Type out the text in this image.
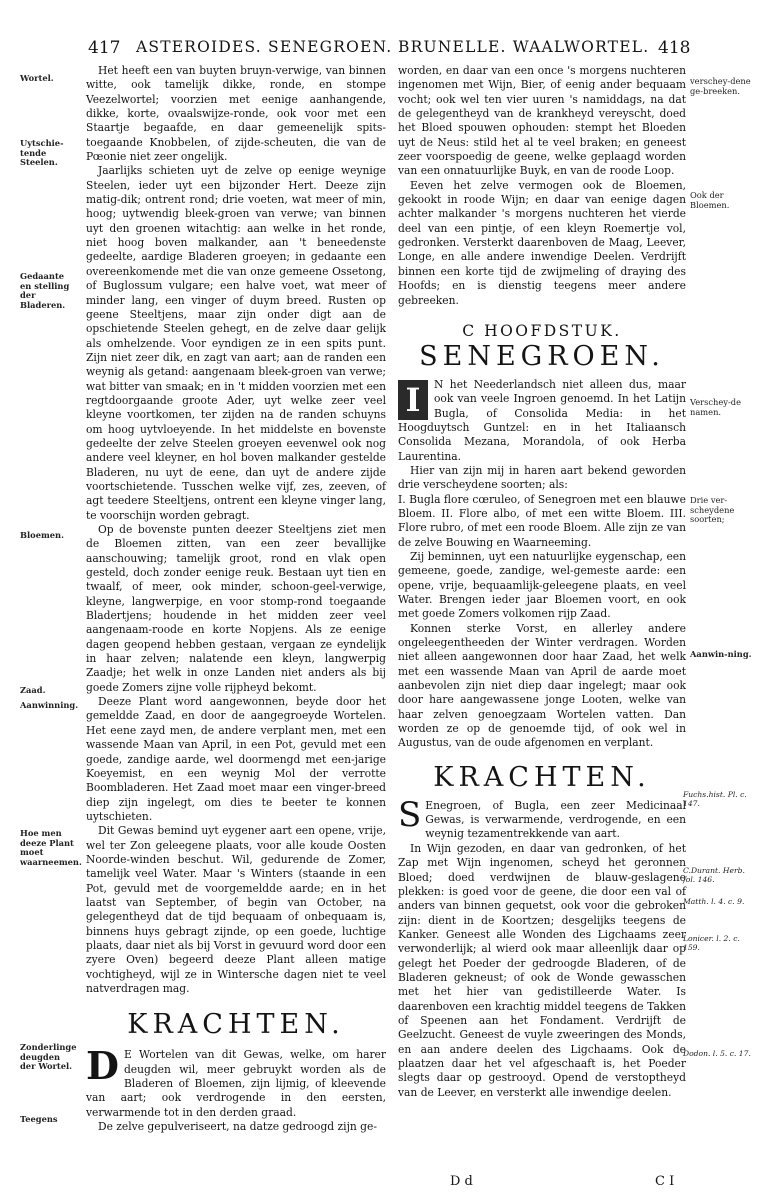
417 ASTEROIDES. SENEGROEN. BRUNELLE. WAALWORTEL. 418
Wortel.
Uytschie-tende Steelen.
Gedaante en stelling der Bladeren.
Bloemen.
Zaad.
Aanwinning.
Hoe men deeze Plant moet waarneemen.
Zonderlinge deugden der Wortel.
Teegens

Het heeft een van buyten bruyn-verwige, van binnen witte, ook tamelijk dikke, ronde, en stompe Veezelwortel; voorzien met eenige aanhangende, dikke, korte, ovaalswijze-ronde, ook voor met een Staartje begaafde, en daar gemeenelijk spits-toegaande Knobbelen, of zijde-scheuten, die van de Pœonie niet zeer ongelijk.

Jaarlijks schieten uyt de zelve op eenige weynige Steelen, ieder uyt een bijzonder Hert. Deeze zijn matig-dik; ontrent rond; drie voeten, wat meer of min, hoog; uytwendig bleek-groen van verwe; van binnen uyt den groenen witachtig: aan welke in het ronde, niet hoog boven malkander, aan 't beneedenste gedeelte, aardige Bladeren groeyen; in gedaante een overeenkomende met die van onze gemeene Ossetong, of Buglossum vulgare; een halve voet, wat meer of minder lang, een vinger of duym breed. Rusten op geene Steeltjens, maar zijn onder digt aan de opschietende Steelen gehegt, en de zelve daar gelijk als omhelzende. Voor eyndigen ze in een spits punt. Zijn niet zeer dik, en zagt van aart; aan de randen een weynig als getand: aangenaam bleek-groen van verwe; wat bitter van smaak; en in 't midden voorzien met een regtdoorgaande groote Ader, uyt welke zeer veel kleyne voortkomen, ter zijden na de randen schuyns om hoog uytvloeyende. In het middelste en bovenste gedeelte der zelve Steelen groeyen eevenwel ook nog andere veel kleyner, en hol boven malkander gestelde Bladeren, nu uyt de eene, dan uyt de andere zijde voortschietende. Tusschen welke vijf, zes, zeeven, of agt teedere Steeltjens, ontrent een kleyne vinger lang, te voorschijn worden gebragt.

Op de bovenste punten deezer Steeltjens ziet men de Bloemen zitten, van een zeer bevallijke aanschouwing; tamelijk groot, rond en vlak open gesteld, doch zonder eenige reuk. Bestaan uyt tien en twaalf, of meer, ook minder, schoon-geel-verwige, kleyne, langwerpige, en voor stomp-rond toegaande Bladertjens; houdende in het midden zeer veel aangenaam-roode en korte Nopjens. Als ze eenige dagen geopend hebben gestaan, vergaan ze eyndelijk in haar zelven; nalatende een kleyn, langwerpig Zaadje; het welk in onze Landen niet anders als bij goede Zomers zijne volle rijpheyd bekomt.

Deeze Plant word aangewonnen, beyde door het gemeldde Zaad, en door de aangegroeyde Wortelen. Het eene zayd men, de andere verplant men, met een wassende Maan van April, in een Pot, gevuld met een goede, zandige aarde, wel doormengd met een-jarige Koeyemist, en een weynig Mol der verrotte Boombladeren. Het Zaad moet maar een vinger-breed diep zijn ingelegt, om dies te beeter te konnen uytschieten.

Dit Gewas bemind uyt eygener aart een opene, vrije, wel ter Zon geleegene plaats, voor alle koude Oosten Noorde-winden beschut. Wil, gedurende de Zomer, tamelijk veel Water. Maar 's Winters (staande in een Pot, gevuld met de voorgemeldde aarde; en in het laatst van September, of begin van October, na gelegentheyd dat de tijd bequaam of onbequaam is, binnens huys gebragt zijnde, op een goede, luchtige plaats, daar niet als bij Vorst in gevuurd word door een zyere Oven) begeerd deeze Plant alleen matige vochtigheyd, wijl ze in Wintersche dagen niet te veel natverdragen mag.

KRACHTEN.

D E Wortelen van dit Gewas, welke, om harer deugden wil, meer gebruykt worden als de Bladeren of Bloemen, zijn lijmig, of kleevende van aart; ook verdrogende in den eersten, verwarmende tot in den derden graad.

De zelve gepulveriseert, na datze gedroogd zijn ge-

worden, en daar van een once 's morgens nuchteren ingenomen met Wijn, Bier, of eenig ander bequaam vocht; ook wel ten vier uuren 's namiddags, na dat de gelegentheyd van de krankheyd vereyscht, doed het Bloed spouwen ophouden: stempt het Bloeden uyt de Neus: stild het al te veel braken; en geneest zeer voorspoedig de geene, welke geplaagd worden van een onnatuurlijke Buyk, en van de roode Loop.

Eeven het zelve vermogen ook de Bloemen, gekookt in roode Wijn; en daar van eenige dagen achter malkander 's morgens nuchteren het vierde deel van een pintje, of een kleyn Roemertje vol, gedronken. Versterkt daarenboven de Maag, Leever, Longe, en alle andere inwendige Deelen. Verdrijft binnen een korte tijd de zwijmeling of draying des Hoofds; en is dienstig teegens meer andere gebreeken.

C HOOFDSTUK.
SENEGROEN.

I	N het Neederlandsch niet alleen dus, maar ook van veele Ingroen genoemd. In het Latijn Bugla, of Consolida Media: in het Hoogduytsch Guntzel: en in het Italiaansch Consolida Mezana, Morandola, of ook Herba Laurentina.

Hier van zijn mij in haren aart bekend geworden drie verscheydene soorten; als:

I. Bugla flore cœruleo, of Senegroen met een blauwe Bloem. II. Flore albo, of met een witte Bloem. III. Flore rubro, of met een roode Bloem. Alle zijn ze van de zelve Bouwing en Waarneeming.

Zij beminnen, uyt een natuurlijke eygenschap, een gemeene, goede, zandige, wel-gemeste aarde: een opene, vrije, bequaamlijk-geleegene plaats, en veel Water. Brengen ieder jaar Bloemen voort, en ook met goede Zomers volkomen rijp Zaad.

Konnen sterke Vorst, en allerley andere ongeleegentheeden der Winter verdragen. Worden niet alleen aangewonnen door haar Zaad, het welk met een wassende Maan van April de aarde moet aanbevolen zijn niet diep daar ingelegt; maar ook door hare aangewassene jonge Looten, welke van haar zelven genoegzaam Wortelen vatten. Dan worden ze op de genoemde tijd, of ook wel in Augustus, van de oude afgenomen en verplant.

KRACHTEN.

S Enegroen, of Bugla, een zeer Medicinaal Gewas, is verwarmende, verdrogende, en een weynig tezamentrekkende van aart.

In Wijn gezoden, en daar van gedronken, of het Zap met Wijn ingenomen, scheyd het geronnen Bloed; doed verdwijnen de blauw-geslagene plekken: is goed voor de geene, die door een val of anders van binnen gequetst, ook voor die gebroken zijn: dient in de Koortzen; desgelijks teegens de Kanker. Geneest alle Wonden des Ligchaams zeer verwonderlijk; al wierd ook maar alleenlijk daar op gelegt het Poeder der gedroogde Bladeren, of de Bladeren gekneust; of ook de Wonde gewasschen met het hier van gedistilleerde Water. Is daarenboven een krachtig middel teegens de Takken of Speenen aan het Fondament. Verdrijft de Geelzucht. Geneest de vuyle zweeringen des Monds, en aan andere deelen des Ligchaams. Ook de plaatzen daar het vel afgeschaaft is, het Poeder slegts daar op gestrooyd. Opend de verstoptheyd van de Leever, en versterkt alle inwendige deelen.

verschey-dene ge-breeken.
Ook der Bloemen.
Verschey-de namen.
Drie ver-scheydene soorten;
Aanwin-ning.
Fuchs.hist. Pl. c. 147.
C.Durant. Herb. fol. 146.
Matth. l. 4. c. 9.
Lonicer. l. 2. c. 159.
Dodon. l. 5. c. 17.
D d	C I
